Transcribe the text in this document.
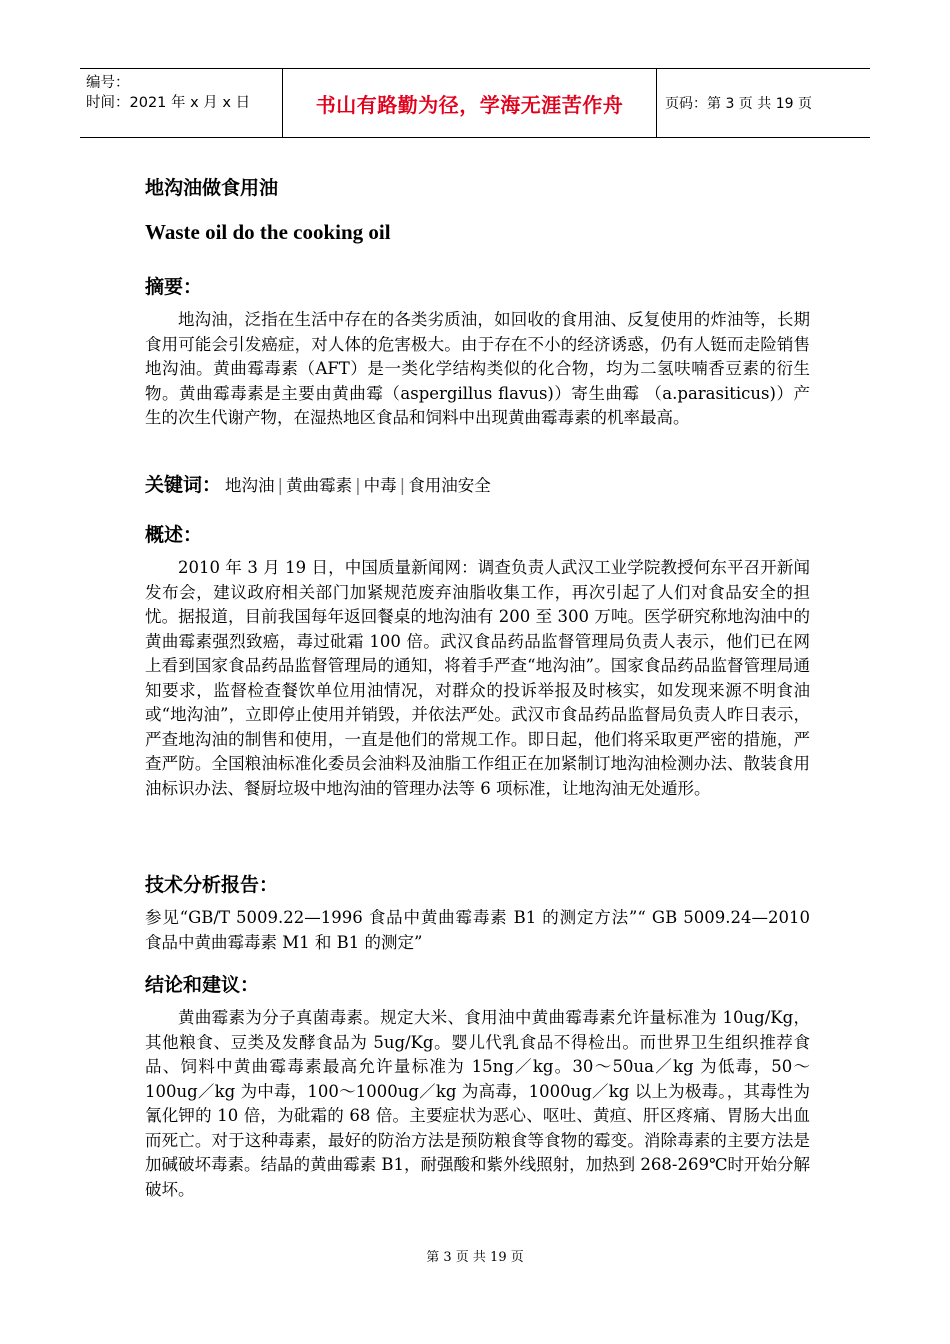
编号：
时间：2021 年 x 月 x 日	书山有路勤为径，学海无涯苦作舟	页码：第 3 页 共 19 页
地沟油做食用油
Waste oil do the cooking oil
摘要：

地沟油，泛指在生活中存在的各类劣质油，如回收的食用油、反复使用的炸油等，长期食用可能会引发癌症，对人体的危害极大。由于存在不小的经济诱惑，仍有人铤而走险销售地沟油。黄曲霉毒素（AFT）是一类化学结构类似的化合物，均为二氢呋喃香豆素的衍生物。黄曲霉毒素是主要由黄曲霉（aspergillus flavus)）寄生曲霉 （a.parasiticus)）产生的次生代谢产物，在湿热地区食品和饲料中出现黄曲霉毒素的机率最高。

关键词： 地沟油 | 黄曲霉素 | 中毒 | 食用油安全
概述：

2010 年 3 月 19 日，中国质量新闻网：调查负责人武汉工业学院教授何东平召开新闻发布会，建议政府相关部门加紧规范废弃油脂收集工作，再次引起了人们对食品安全的担忧。据报道，目前我国每年返回餐桌的地沟油有 200 至 300 万吨。医学研究称地沟油中的黄曲霉素强烈致癌，毒过砒霜 100 倍。武汉食品药品监督管理局负责人表示，他们已在网上看到国家食品药品监督管理局的通知，将着手严查“地沟油”。国家食品药品监督管理局通知要求，监督检查餐饮单位用油情况，对群众的投诉举报及时核实，如发现来源不明食油或“地沟油”，立即停止使用并销毁，并依法严处。武汉市食品药品监督局负责人昨日表示，严查地沟油的制售和使用，一直是他们的常规工作。即日起，他们将采取更严密的措施，严查严防。全国粮油标准化委员会油料及油脂工作组正在加紧制订地沟油检测办法、散装食用油标识办法、餐厨垃圾中地沟油的管理办法等 6 项标准，让地沟油无处遁形。

技术分析报告：

参见“GB/T 5009.22—1996 食品中黄曲霉毒素 B1 的测定方法”“ GB 5009.24—2010 食品中黄曲霉毒素 M1 和 B1 的测定”

结论和建议：

黄曲霉素为分子真菌毒素。规定大米、食用油中黄曲霉毒素允许量标准为 10ug/Kg，其他粮食、豆类及发酵食品为 5ug/Kg。婴儿代乳食品不得检出。而世界卫生组织推荐食品、饲料中黄曲霉毒素最高允许量标准为 15ng／kg。30～50ua／kg 为低毒，50～100ug／kg 为中毒，100～1000ug／kg 为高毒，1000ug／kg 以上为极毒。，其毒性为氰化钾的 10 倍，为砒霜的 68 倍。主要症状为恶心、呕吐、黄疸、肝区疼痛、胃肠大出血而死亡。对于这种毒素，最好的防治方法是预防粮食等食物的霉变。消除毒素的主要方法是加碱破坏毒素。结晶的黄曲霉素 B1，耐强酸和紫外线照射，加热到 268-269℃时开始分解破坏。

第 3 页 共 19 页
